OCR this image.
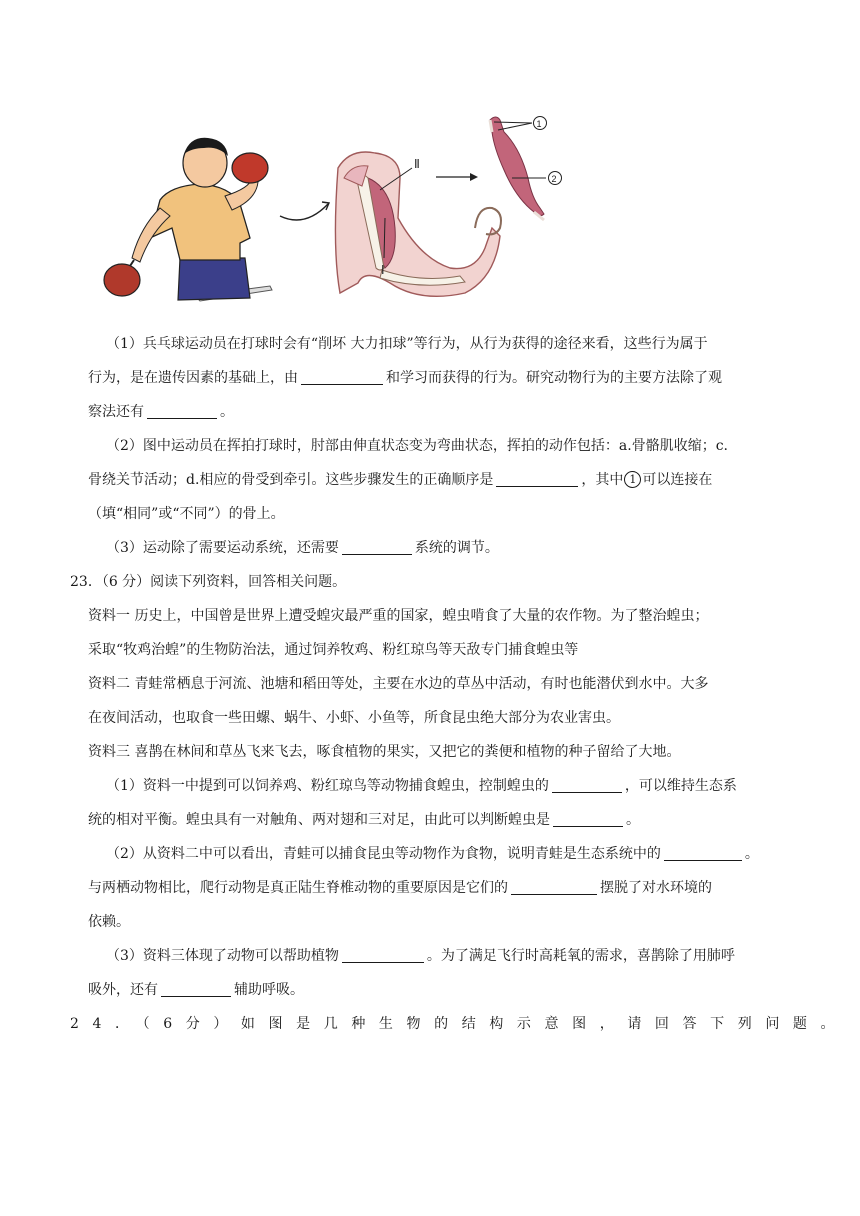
Ⅱ
Ⅰ
1
2

（1）兵乓球运动员在打球时会有“削坏 大力扣球”等行为，从行为获得的途径来看，这些行为属于

行为，是在遗传因素的基础上，由	和学习而获得的行为。研究动物行为的主要方法除了观

察法还有	。

（2）图中运动员在挥拍打球时，肘部由伸直状态变为弯曲状态，挥拍的动作包括：a.骨骼肌收缩；c.

骨绕关节活动；d.相应的骨受到牵引。这些步骤发生的正确顺序是	，其中 1 可以连接在

（填“相同”或“不同”）的骨上。

（3）运动除了需要运动系统，还需要	系统的调节。

23．（6 分）阅读下列资料，回答相关问题。

资料一 历史上，中国曾是世界上遭受蝗灾最严重的国家，蝗虫啃食了大量的农作物。为了整治蝗虫；

采取“牧鸡治蝗”的生物防治法，通过饲养牧鸡、粉红琼鸟等天敌专门捕食蝗虫等

资料二 青蛙常栖息于河流、池塘和稻田等处，主要在水边的草丛中活动，有时也能潜伏到水中。大多

在夜间活动，也取食一些田螺、蜗牛、小虾、小鱼等，所食昆虫绝大部分为农业害虫。

资料三 喜鹊在林间和草丛飞来飞去，啄食植物的果实，又把它的粪便和植物的种子留给了大地。

（1）资料一中提到可以饲养鸡、粉红琼鸟等动物捕食蝗虫，控制蝗虫的	，可以维持生态系

统的相对平衡。蝗虫具有一对触角、两对翅和三对足，由此可以判断蝗虫是	。

（2）从资料二中可以看出，青蛙可以捕食昆虫等动物作为食物，说明青蛙是生态系统中的	。

与两栖动物相比，爬行动物是真正陆生脊椎动物的重要原因是它们的	摆脱了对水环境的

依赖。

（3）资料三体现了动物可以帮助植物	。为了满足飞行时高耗氧的需求，喜鹊除了用肺呼

吸外，还有	辅助呼吸。

24．（6分）如图是几种生物的结构示意图，请回答下列问题。
